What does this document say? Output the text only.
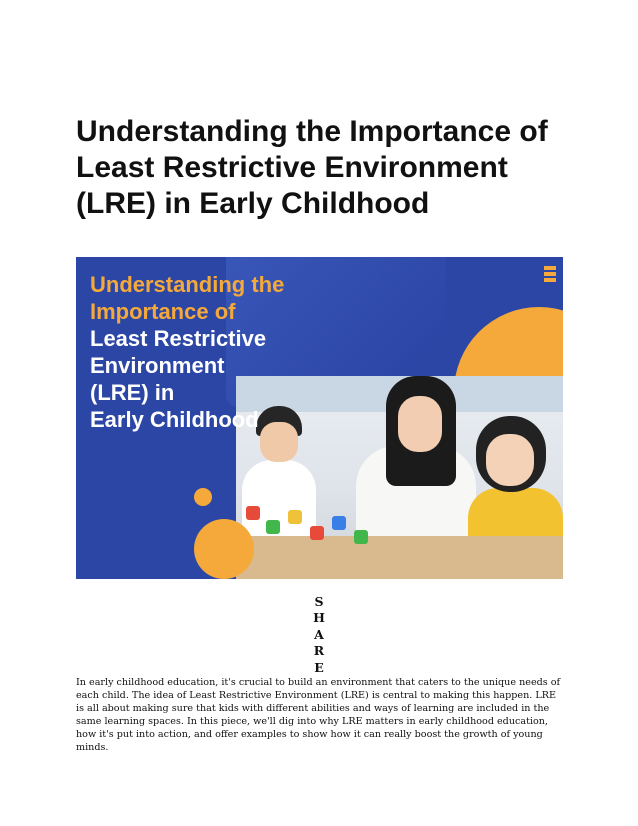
Understanding the Importance of Least Restrictive Environment (LRE) in Early Childhood
Understanding the
Importance of
Least Restrictive
Environment
(LRE) in
Early Childhood
SHARE

In early childhood education, it's crucial to build an environment that caters to the unique needs of each child. The idea of Least Restrictive Environment (LRE) is central to making this happen. LRE is all about making sure that kids with different abilities and ways of learning are included in the same learning spaces. In this piece, we'll dig into why LRE matters in early childhood education, how it's put into action, and offer examples to show how it can really boost the growth of young minds.
